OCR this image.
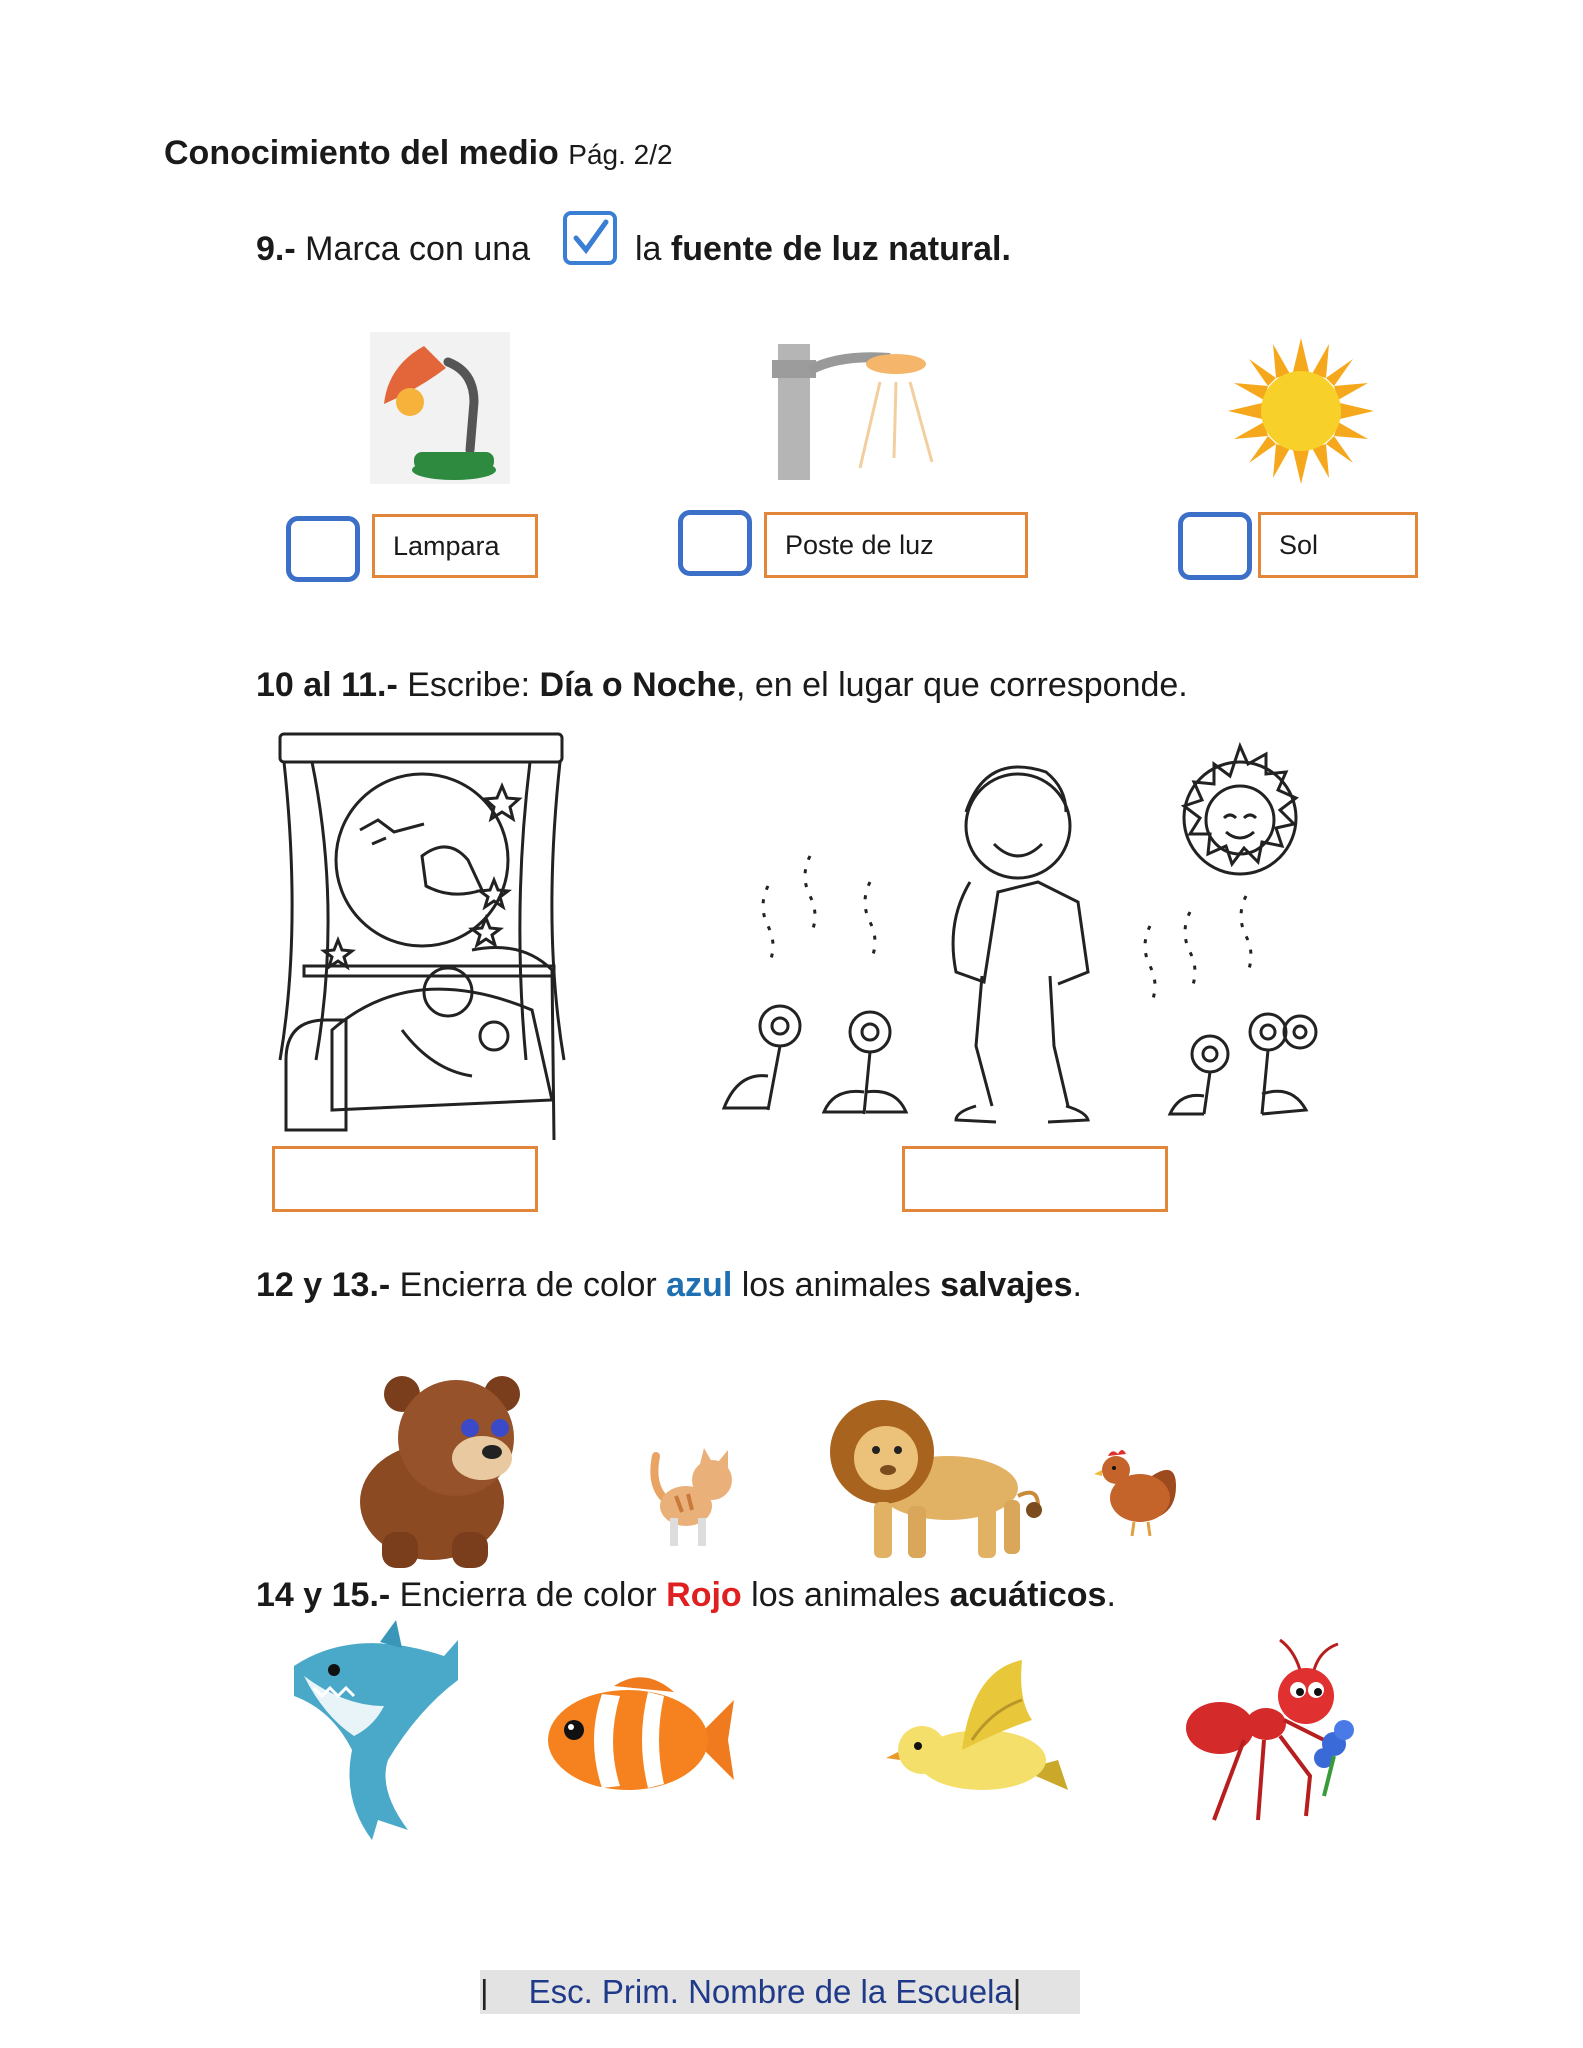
Conocimiento del medio Pág. 2/2
9.- Marca con una	la fuente de luz natural.
Lampara	Poste de luz	Sol
10 al 11.- Escribe: Día o Noche, en el lugar que corresponde.
12 y 13.- Encierra de color azul los animales salvajes.
14 y 15.- Encierra de color Rojo los animales acuáticos.
| Esc. Prim. Nombre de la Escuela |
